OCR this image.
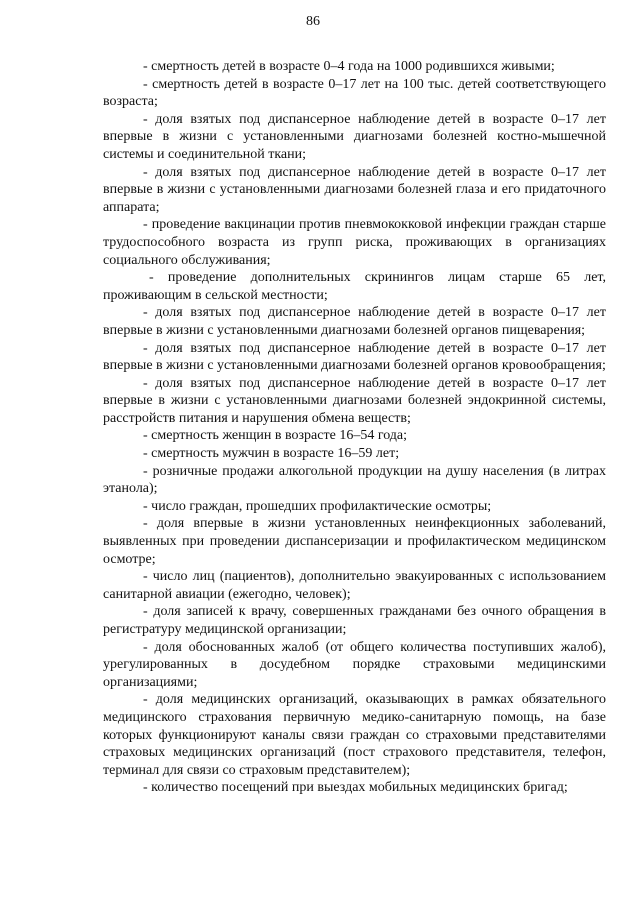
86

- смертность детей в возрасте 0–4 года на 1000 родившихся живыми;

- смертность детей в возрасте 0–17 лет на 100 тыс. детей соответствующего возраста;

- доля взятых под диспансерное наблюдение детей в возрасте 0–17 лет впервые в жизни с установленными диагнозами болезней костно-мышечной системы и соединительной ткани;

- доля взятых под диспансерное наблюдение детей в возрасте 0–17 лет впервые в жизни с установленными диагнозами болезней глаза и его придаточного аппарата;

- проведение вакцинации против пневмококковой инфекции граждан старше трудоспособного возраста из групп риска, проживающих в организациях социального обслуживания;

- проведение дополнительных скринингов лицам старше 65 лет, проживающим в сельской местности;

- доля взятых под диспансерное наблюдение детей в возрасте 0–17 лет впервые в жизни с установленными диагнозами болезней органов пищеварения;

- доля взятых под диспансерное наблюдение детей в возрасте 0–17 лет впервые в жизни с установленными диагнозами болезней органов кровообращения;

- доля взятых под диспансерное наблюдение детей в возрасте 0–17 лет впервые в жизни с установленными диагнозами болезней эндокринной системы, расстройств питания и нарушения обмена веществ;

- смертность женщин в возрасте 16–54 года;

- смертность мужчин в возрасте 16–59 лет;

- розничные продажи алкогольной продукции на душу населения (в литрах этанола);

- число граждан, прошедших профилактические осмотры;

- доля впервые в жизни установленных неинфекционных заболеваний, выявленных при проведении диспансеризации и профилактическом медицинском осмотре;

- число лиц (пациентов), дополнительно эвакуированных с использованием санитарной авиации (ежегодно, человек);

- доля записей к врачу, совершенных гражданами без очного обращения в регистратуру медицинской организации;

- доля обоснованных жалоб (от общего количества поступивших жалоб), урегулированных в досудебном порядке страховыми медицинскими организациями;

- доля медицинских организаций, оказывающих в рамках обязательного медицинского страхования первичную медико-санитарную помощь, на базе которых функционируют каналы связи граждан со страховыми представителями страховых медицинских организаций (пост страхового представителя, телефон, терминал для связи со страховым представителем);

- количество посещений при выездах мобильных медицинских бригад;
